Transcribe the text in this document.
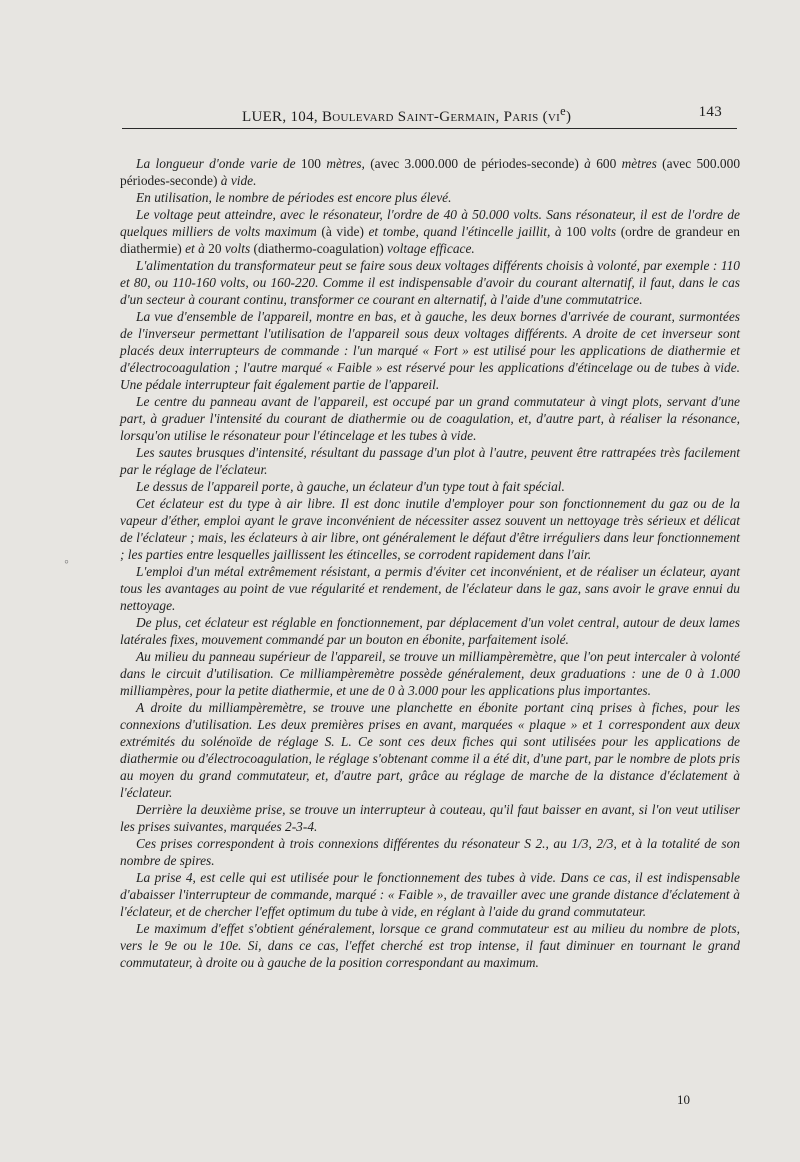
LUER, 104, Boulevard Saint-Germain, Paris $(vi^e)$	143

La longueur d'onde varie de 100 mètres, (avec 3.000.000 de périodes-seconde) à 600 mètres (avec 500.000 périodes-seconde) à vide.

En utilisation, le nombre de périodes est encore plus élevé.

Le voltage peut atteindre, avec le résonateur, l'ordre de 40 à 50.000 volts. Sans résonateur, il est de l'ordre de quelques milliers de volts maximum (à vide) et tombe, quand l'étincelle jaillit, à 100 volts (ordre de grandeur en diathermie) et à 20 volts (diathermo-coagulation) voltage efficace.

L'alimentation du transformateur peut se faire sous deux voltages différents choisis à volonté, par exemple : 110 et 80, ou 110-160 volts, ou 160-220. Comme il est indispensable d'avoir du courant alternatif, il faut, dans le cas d'un secteur à courant continu, transformer ce courant en alternatif, à l'aide d'une commutatrice.

La vue d'ensemble de l'appareil, montre en bas, et à gauche, les deux bornes d'arrivée de courant, surmontées de l'inverseur permettant l'utilisation de l'appareil sous deux voltages différents. A droite de cet inverseur sont placés deux interrupteurs de commande : l'un marqué « Fort » est utilisé pour les applications de diathermie et d'électrocoagulation ; l'autre marqué « Faible » est réservé pour les applications d'étincelage ou de tubes à vide. Une pédale interrupteur fait également partie de l'appareil.

Le centre du panneau avant de l'appareil, est occupé par un grand commutateur à vingt plots, servant d'une part, à graduer l'intensité du courant de diathermie ou de coagulation, et, d'autre part, à réaliser la résonance, lorsqu'on utilise le résonateur pour l'étincelage et les tubes à vide.

Les sautes brusques d'intensité, résultant du passage d'un plot à l'autre, peuvent être rattrapées très facilement par le réglage de l'éclateur.

Le dessus de l'appareil porte, à gauche, un éclateur d'un type tout à fait spécial.

Cet éclateur est du type à air libre. Il est donc inutile d'employer pour son fonctionnement du gaz ou de la vapeur d'éther, emploi ayant le grave inconvénient de nécessiter assez souvent un nettoyage très sérieux et délicat de l'éclateur ; mais, les éclateurs à air libre, ont généralement le défaut d'être irréguliers dans leur fonctionnement ; les parties entre lesquelles jaillissent les étincelles, se corrodent rapidement dans l'air.

L'emploi d'un métal extrêmement résistant, a permis d'éviter cet inconvénient, et de réaliser un éclateur, ayant tous les avantages au point de vue régularité et rendement, de l'éclateur dans le gaz, sans avoir le grave ennui du nettoyage.

De plus, cet éclateur est réglable en fonctionnement, par déplacement d'un volet central, autour de deux lames latérales fixes, mouvement commandé par un bouton en ébonite, parfaitement isolé.

Au milieu du panneau supérieur de l'appareil, se trouve un milliampèremètre, que l'on peut intercaler à volonté dans le circuit d'utilisation. Ce milliampèremètre possède généralement, deux graduations : une de 0 à 1.000 milliampères, pour la petite diathermie, et une de 0 à 3.000 pour les applications plus importantes.

A droite du milliampèremètre, se trouve une planchette en ébonite portant cinq prises à fiches, pour les connexions d'utilisation. Les deux premières prises en avant, marquées « plaque » et 1 correspondent aux deux extrémités du solénoïde de réglage S. L. Ce sont ces deux fiches qui sont utilisées pour les applications de diathermie ou d'électrocoagulation, le réglage s'obtenant comme il a été dit, d'une part, par le nombre de plots pris au moyen du grand commutateur, et, d'autre part, grâce au réglage de marche de la distance d'éclatement à l'éclateur.

Derrière la deuxième prise, se trouve un interrupteur à couteau, qu'il faut baisser en avant, si l'on veut utiliser les prises suivantes, marquées 2-3-4.

Ces prises correspondent à trois connexions différentes du résonateur S 2., au 1/3, 2/3, et à la totalité de son nombre de spires.

La prise 4, est celle qui est utilisée pour le fonctionnement des tubes à vide. Dans ce cas, il est indispensable d'abaisser l'interrupteur de commande, marqué : « Faible », de travailler avec une grande distance d'éclatement à l'éclateur, et de chercher l'effet optimum du tube à vide, en réglant à l'aide du grand commutateur.

Le maximum d'effet s'obtient généralement, lorsque ce grand commutateur est au milieu du nombre de plots, vers le 9e ou le 10e. Si, dans ce cas, l'effet cherché est trop intense, il faut diminuer en tournant le grand commutateur, à droite ou à gauche de la position correspondant au maximum.

◦
10
